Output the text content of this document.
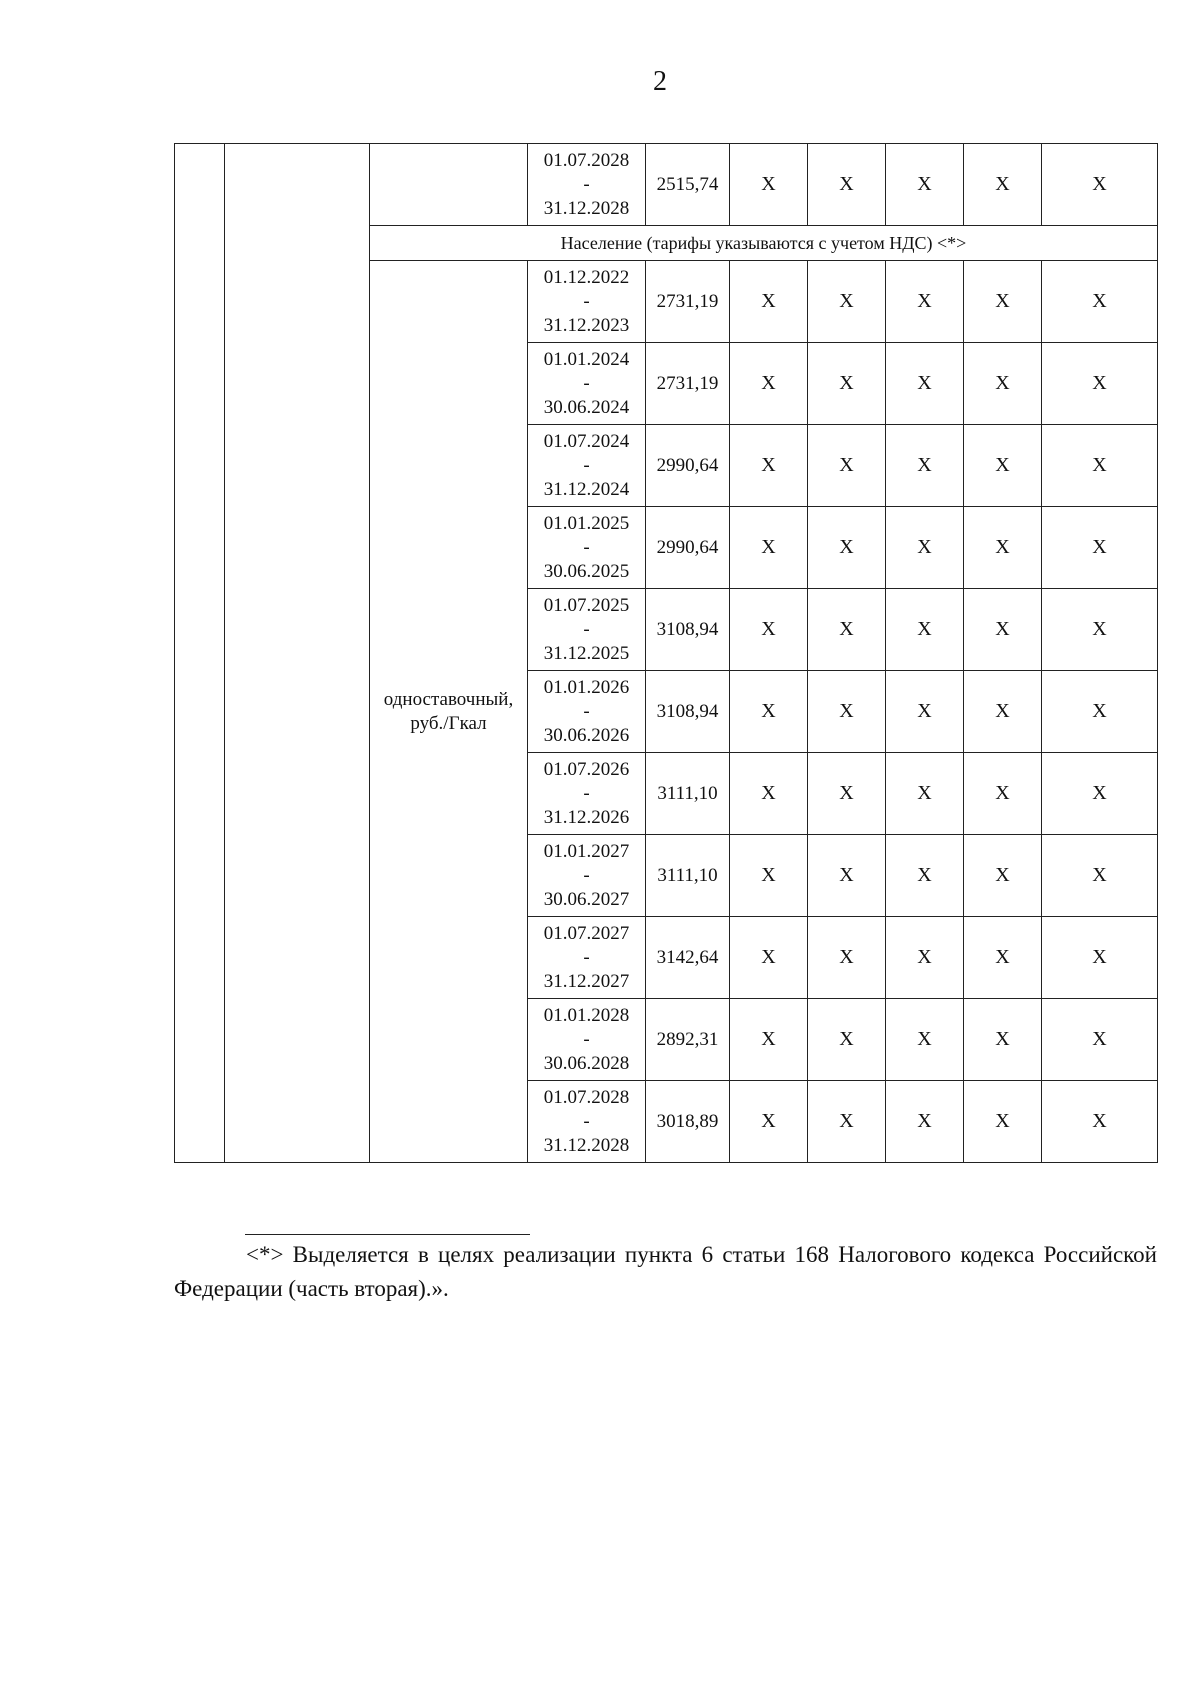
2

			01.07.2028
-
31.12.2028	2515,74	X	X	X	X	X
		Население (тарифы указываются с учетом НДС) <*>							
		одноставочный,
руб./Гкал	01.12.2022
-
31.12.2023	2731,19	X	X	X	X	X

			01.01.2024
-
30.06.2024	2731,19	X	X	X	X	X

			01.07.2024
-
31.12.2024	2990,64	X	X	X	X	X

			01.01.2025
-
30.06.2025	2990,64	X	X	X	X	X

			01.07.2025
-
31.12.2025	3108,94	X	X	X	X	X

			01.01.2026
-
30.06.2026	3108,94	X	X	X	X	X

			01.07.2026
-
31.12.2026	3111,10	X	X	X	X	X

			01.01.2027
-
30.06.2027	3111,10	X	X	X	X	X

			01.07.2027
-
31.12.2027	3142,64	X	X	X	X	X

			01.01.2028
-
30.06.2028	2892,31	X	X	X	X	X

			01.07.2028
-
31.12.2028	3018,89	X	X	X	X	X
<*> Выделяется в целях реализации пункта 6 статьи 168 Налогового кодекса Российской Федерации (часть вторая).».
